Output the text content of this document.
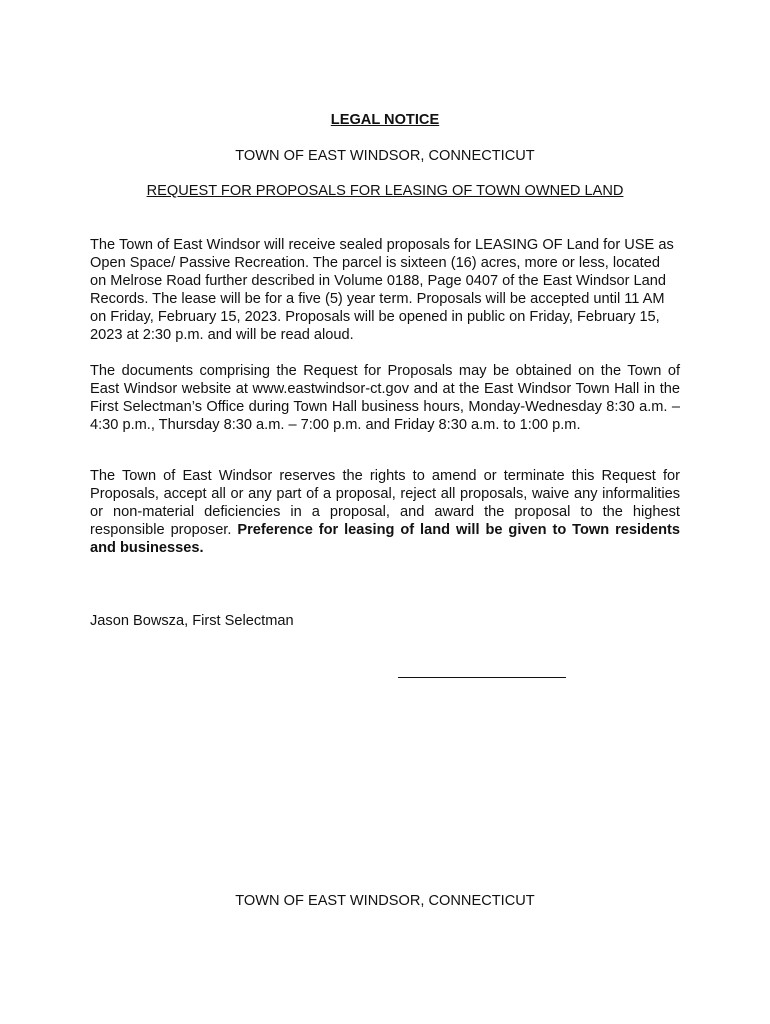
LEGAL NOTICE
TOWN OF EAST WINDSOR, CONNECTICUT
REQUEST FOR PROPOSALS FOR LEASING OF TOWN OWNED LAND
The Town of East Windsor will receive sealed proposals for LEASING OF Land for USE as Open Space/ Passive Recreation. The parcel is sixteen (16) acres, more or less, located on Melrose Road further described in Volume 0188, Page 0407 of the East Windsor Land Records. The lease will be for a five (5) year term. Proposals will be accepted until 11 AM on Friday, February 15, 2023. Proposals will be opened in public on Friday, February 15, 2023 at 2:30 p.m. and will be read aloud.
The documents comprising the Request for Proposals may be obtained on the Town of East Windsor website at www.eastwindsor-ct.gov and at the East Windsor Town Hall in the First Selectman’s Office during Town Hall business hours, Monday-Wednesday 8:30 a.m. – 4:30 p.m., Thursday 8:30 a.m. – 7:00 p.m. and Friday 8:30 a.m. to 1:00 p.m.
The Town of East Windsor reserves the rights to amend or terminate this Request for Proposals, accept all or any part of a proposal, reject all proposals, waive any informalities or non-material deficiencies in a proposal, and award the proposal to the highest responsible proposer. Preference for leasing of land will be given to Town residents and businesses.
Jason Bowsza, First Selectman
TOWN OF EAST WINDSOR, CONNECTICUT
